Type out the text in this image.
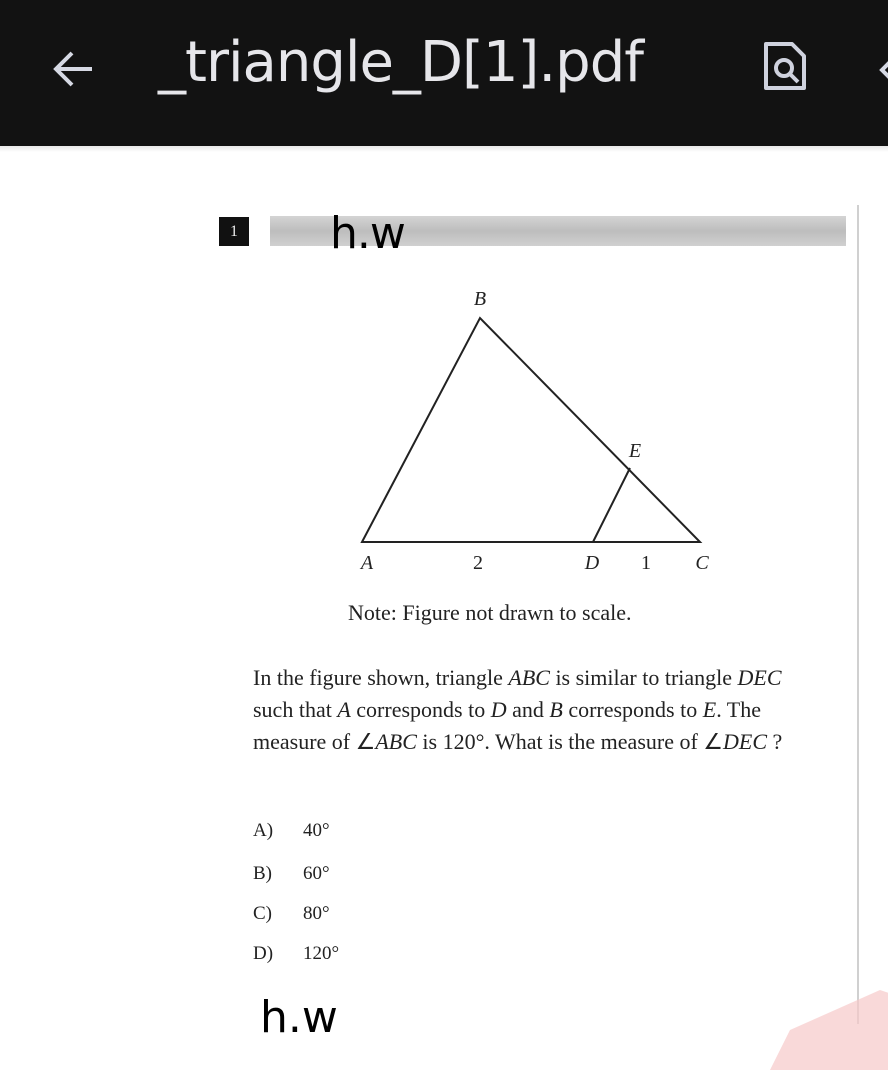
_triangle_D[1].pdf
1 h.w
B
E
A	2	D 1 C
Note: Figure not drawn to scale.
In the figure shown, triangle ABC is similar to triangle DEC such that A corresponds to D and B corresponds to E. The measure of ∠ABC is 120°. What is the measure of ∠DEC ?
A) 40°
B) 60°
C) 80°
D) 120°
h.w
